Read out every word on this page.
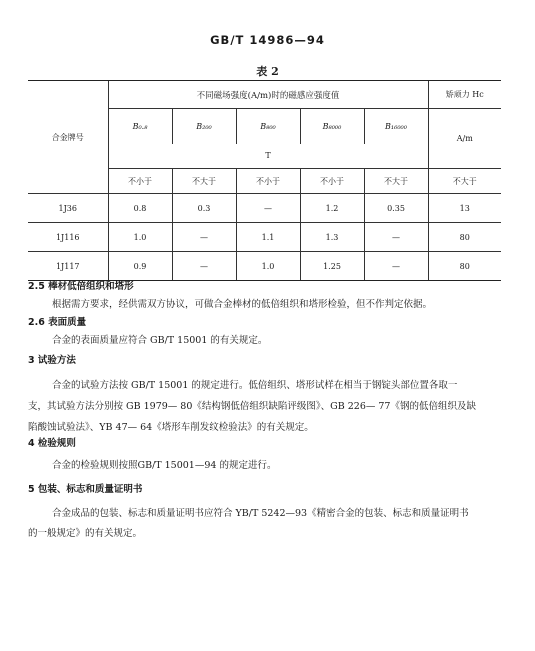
GB/T 14986—94
表 2
合金牌号	不同磁场强度(A/m)时的磁感应强度值					矫顽力 Hc
	B₀.₈	B₂₀₀	B₈₀₀	B₈₀₀₀	B₁₆₀₀₀	A/m
	T					
	不小于	不大于	不小于	不小于	不大于	不大于
1J36	0.8	0.3	—	1.2	0.35	13
1J116	1.0	—	1.1	1.3	—	80
1J117	0.9	—	1.0	1.25	—	80
2.5 棒材低倍组织和塔形
根据需方要求，经供需双方协议，可做合金棒材的低倍组织和塔形检验，但不作判定依据。
2.6 表面质量
合金的表面质量应符合 GB/T 15001 的有关规定。
3 试验方法
合金的试验方法按 GB/T 15001 的规定进行。低倍组织、塔形试样在相当于钢锭头部位置各取一
支，其试验方法分别按 GB 1979— 80《结构钢低倍组织缺陷评级图》、GB 226— 77《钢的低倍组织及缺
陷酸蚀试验法》、YB 47— 64《塔形车削发纹检验法》的有关规定。
4 检验规则
合金的检验规则按照GB/T 15001—94 的规定进行。
5 包装、标志和质量证明书
合金成品的包装、标志和质量证明书应符合 YB/T 5242—93《精密合金的包装、标志和质量证明书
的一般规定》的有关规定。
